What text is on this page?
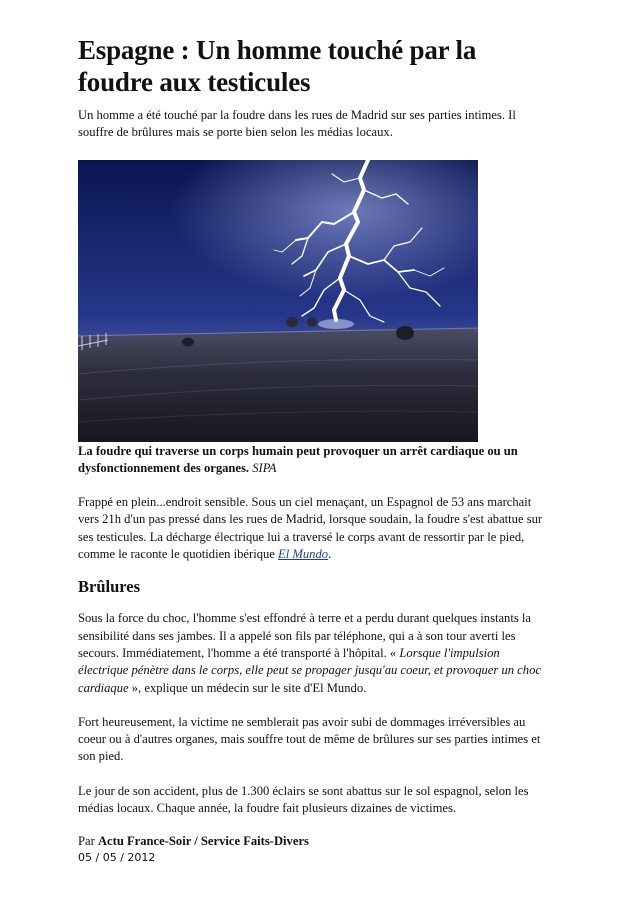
Espagne : Un homme touché par la foudre aux testicules

Un homme a été touché par la foudre dans les rues de Madrid sur ses parties intimes. Il souffre de brûlures mais se porte bien selon les médias locaux.

La foudre qui traverse un corps humain peut provoquer un arrêt cardiaque ou un dysfonctionnement des organes. SIPA

Frappé en plein...endroit sensible. Sous un ciel menaçant, un Espagnol de 53 ans marchait vers 21h d'un pas pressé dans les rues de Madrid, lorsque soudain, la foudre s'est abattue sur ses testicules. La décharge électrique lui a traversé le corps avant de ressortir par le pied, comme le raconte le quotidien ibérique El Mundo.

Brûlures

Sous la force du choc, l'homme s'est effondré à terre et a perdu durant quelques instants la sensibilité dans ses jambes. Il a appelé son fils par téléphone, qui a à son tour averti les secours. Immédiatement, l'homme a été transporté à l'hôpital. « Lorsque l'impulsion électrique pénètre dans le corps, elle peut se propager jusqu'au coeur, et provoquer un choc cardiaque », explique un médecin sur le site d'El Mundo.

Fort heureusement, la victime ne semblerait pas avoir subi de dommages irréversibles au coeur ou à d'autres organes, mais souffre tout de même de brûlures sur ses parties intimes et son pied.

Le jour de son accident, plus de 1.300 éclairs se sont abattus sur le sol espagnol, selon les médias locaux. Chaque année, la foudre fait plusieurs dizaines de victimes.

Par Actu France-Soir / Service Faits-Divers
05 / 05 / 2012
